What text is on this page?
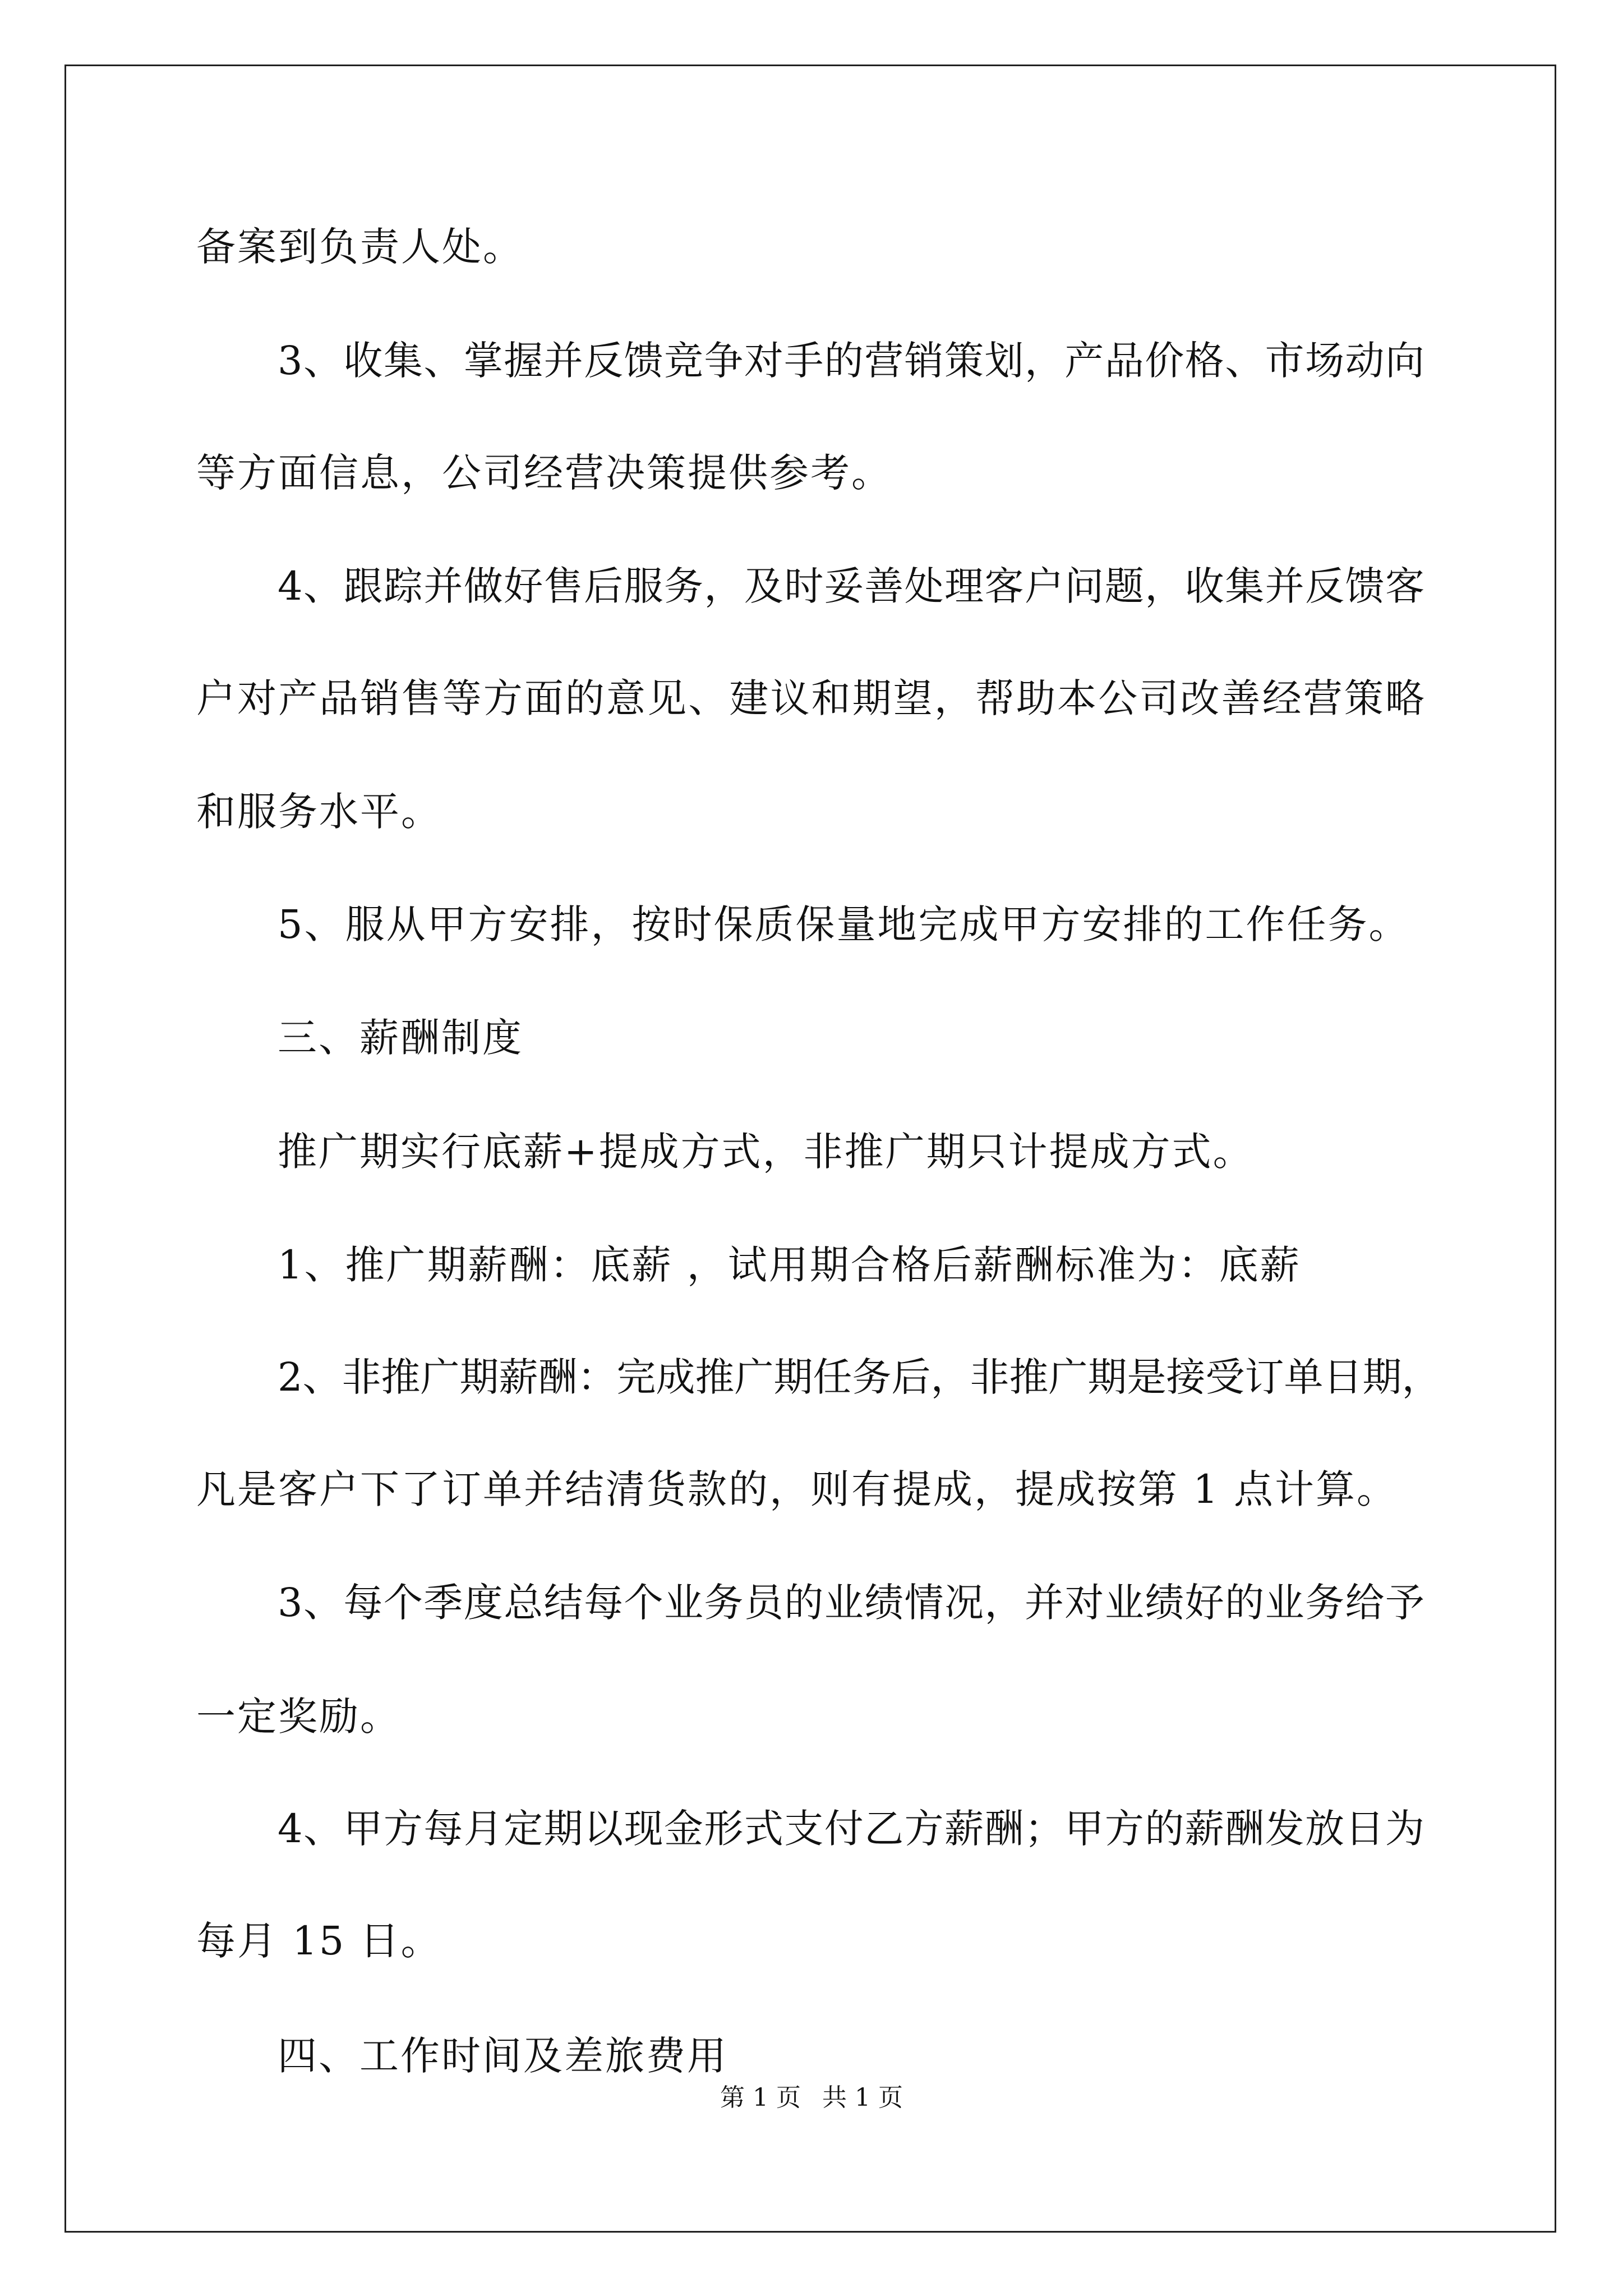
备案到负责人处。
3、收集、掌握并反馈竞争对手的营销策划，产品价格、市场动向
等方面信息，公司经营决策提供参考。
4、跟踪并做好售后服务，及时妥善处理客户问题，收集并反馈客
户对产品销售等方面的意见、建议和期望，帮助本公司改善经营策略
和服务水平。
5、服从甲方安排，按时保质保量地完成甲方安排的工作任务。
三、薪酬制度
推广期实行底薪+提成方式，非推广期只计提成方式。
1、推广期薪酬：底薪 ，试用期合格后薪酬标准为：底薪
2、非推广期薪酬：完成推广期任务后，非推广期是接受订单日期，
凡是客户下了订单并结清货款的，则有提成，提成按第 1 点计算。
3、每个季度总结每个业务员的业绩情况，并对业绩好的业务给予
一定奖励。
4、甲方每月定期以现金形式支付乙方薪酬；甲方的薪酬发放日为
每月 15 日。
四、工作时间及差旅费用
第 1 页 共 1 页
